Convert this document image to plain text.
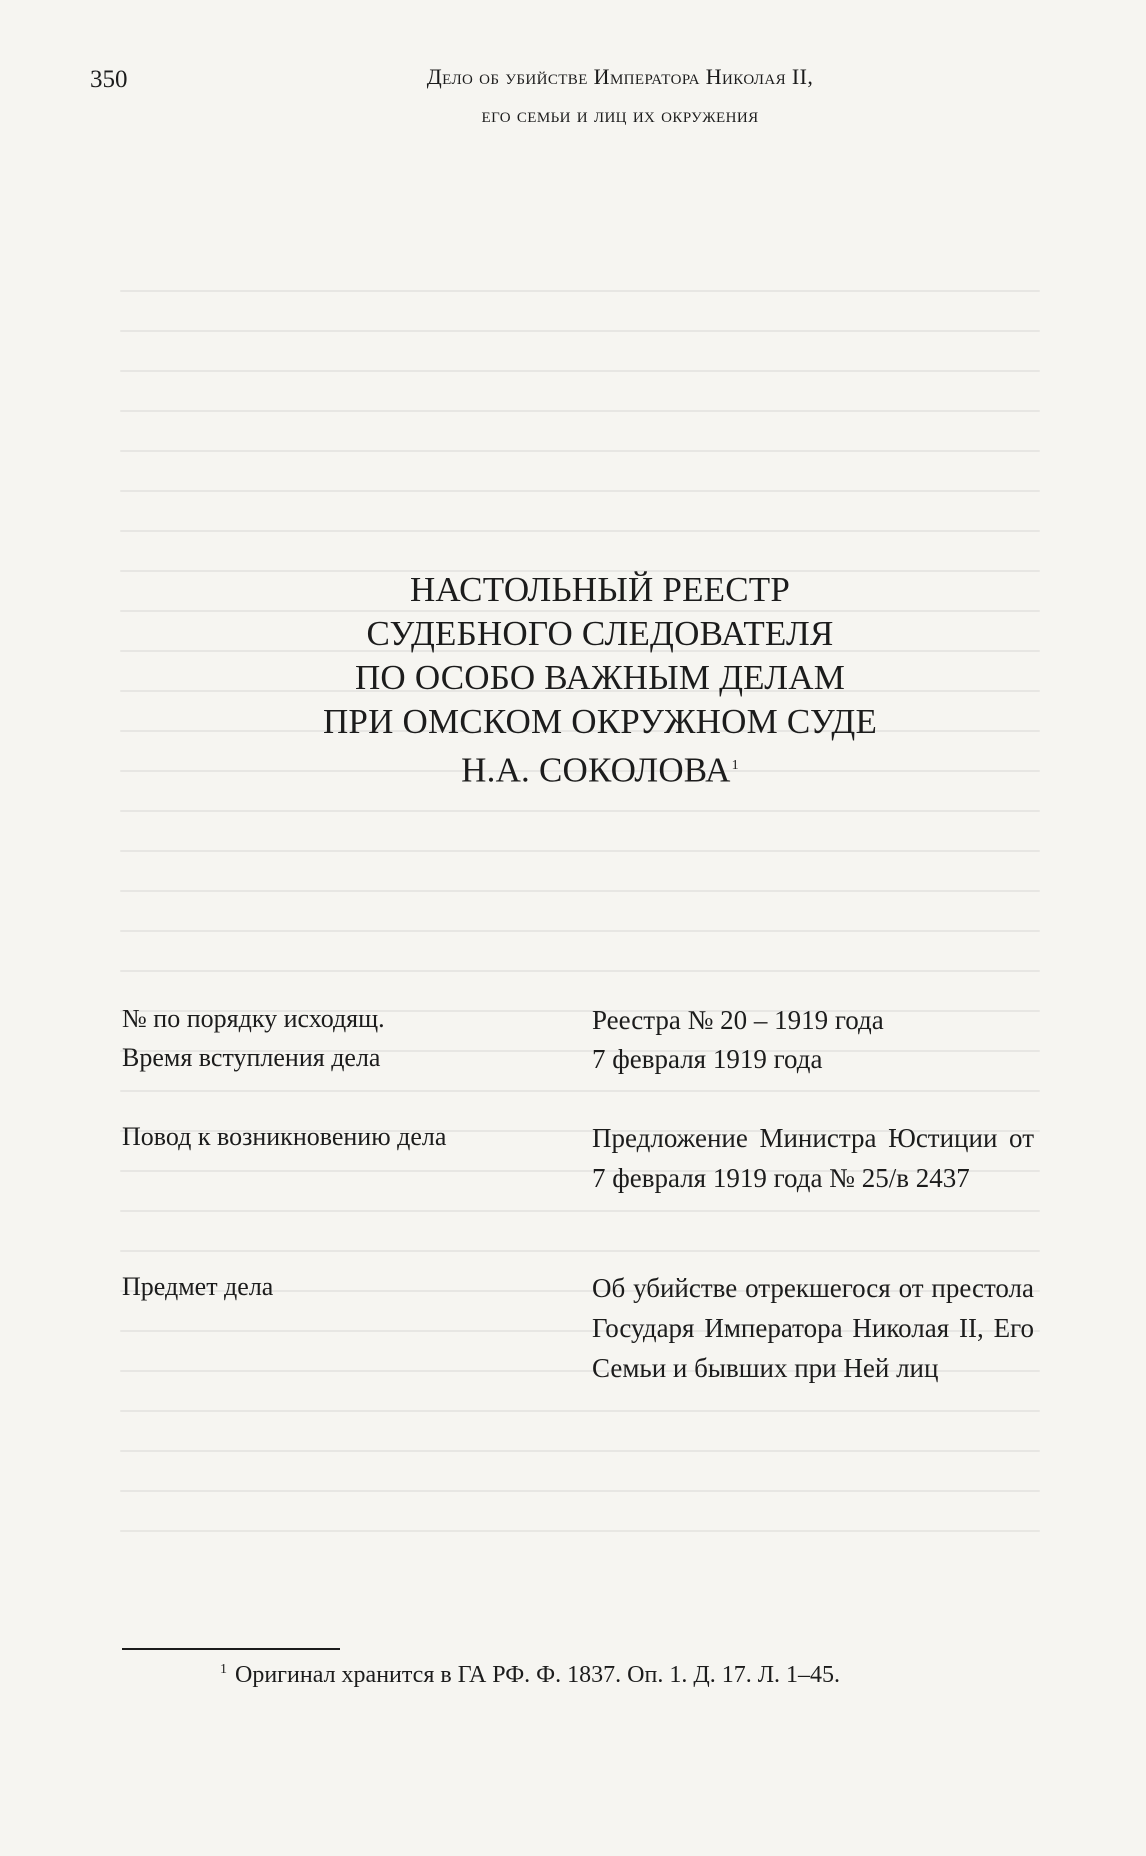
350	Дело об убийстве Императора Николая II,
его семьи и лиц их окружения
НАСТОЛЬНЫЙ РЕЕСТР
СУДЕБНОГО СЛЕДОВАТЕЛЯ
ПО ОСОБО ВАЖНЫМ ДЕЛАМ
ПРИ ОМСКОМ ОКРУЖНОМ СУДЕ
Н.А. СОКОЛОВА$^1$
№ по порядку исходящ.	Реестра № 20 – 1919 года
Время вступления дела	7 февраля 1919 года
Повод к возникновению дела	Предложение Министра Юстиции от 7 февраля 1919 года № 25/в 2437
Предмет дела	Об убийстве отрекшегося от престола Государя Императора Николая II, Его Семьи и бывших при Ней лиц
$^1$ Оригинал хранится в ГА РФ. Ф. 1837. Оп. 1. Д. 17. Л. 1–45.
